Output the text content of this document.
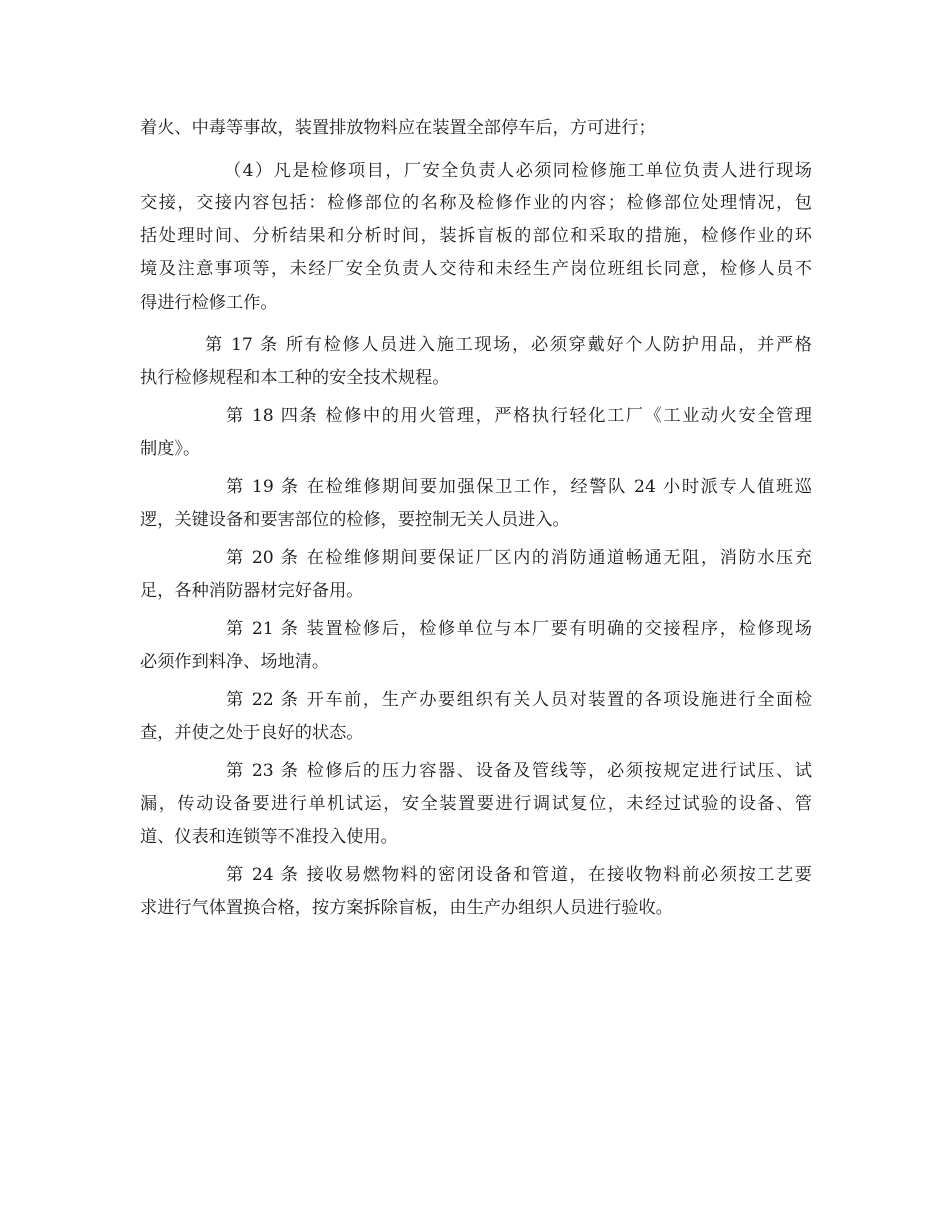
着火、中毒等事故，装置排放物料应在装置全部停车后，方可进行；
（4）凡是检修项目，厂安全负责人必须同检修施工单位负责人进行现场
交接，交接内容包括：检修部位的名称及检修作业的内容；检修部位处理情况，包
括处理时间、分析结果和分析时间，装拆盲板的部位和采取的措施，检修作业的环
境及注意事项等，未经厂安全负责人交待和未经生产岗位班组长同意，检修人员不
得进行检修工作。
第 17 条 所有检修人员进入施工现场，必须穿戴好个人防护用品，并严格
执行检修规程和本工种的安全技术规程。
第 18 四条 检修中的用火管理，严格执行轻化工厂《工业动火安全管理
制度》。
第 19 条 在检维修期间要加强保卫工作，经警队 24 小时派专人值班巡
逻，关键设备和要害部位的检修，要控制无关人员进入。
第 20 条 在检维修期间要保证厂区内的消防通道畅通无阻，消防水压充
足，各种消防器材完好备用。
第 21 条 装置检修后，检修单位与本厂要有明确的交接程序，检修现场
必须作到料净、场地清。
第 22 条 开车前，生产办要组织有关人员对装置的各项设施进行全面检
查，并使之处于良好的状态。
第 23 条 检修后的压力容器、设备及管线等，必须按规定进行试压、试
漏，传动设备要进行单机试运，安全装置要进行调试复位，未经过试验的设备、管
道、仪表和连锁等不准投入使用。
第 24 条 接收易燃物料的密闭设备和管道，在接收物料前必须按工艺要
求进行气体置换合格，按方案拆除盲板，由生产办组织人员进行验收。
